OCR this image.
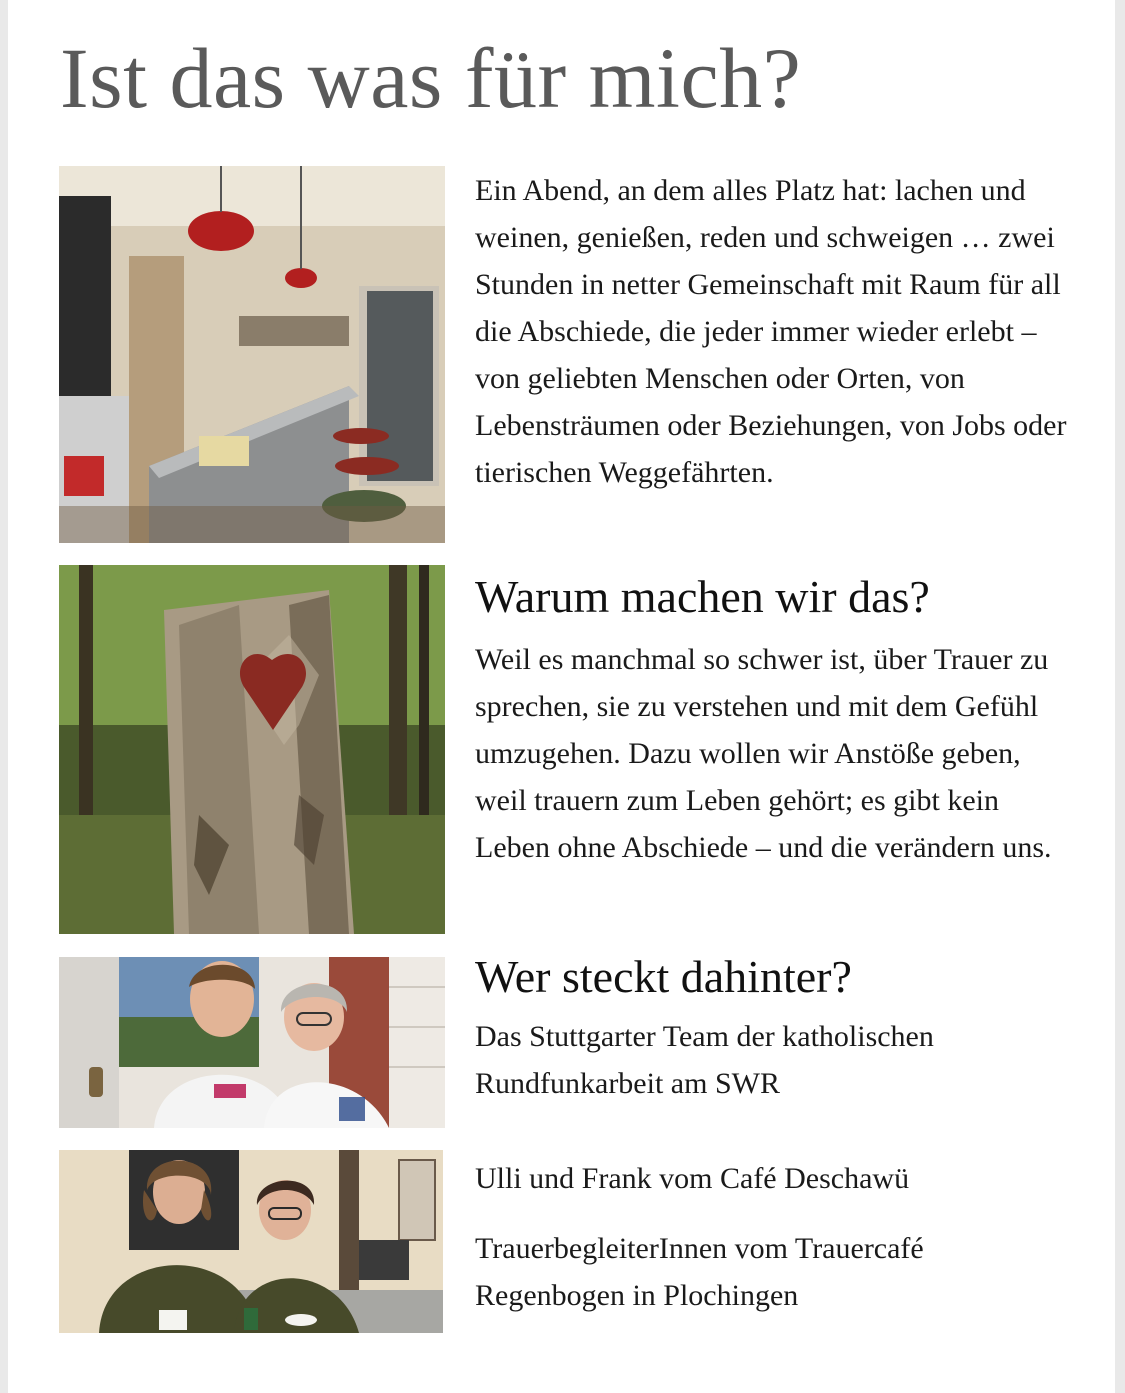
Ist das was für mich?

Ein Abend, an dem alles Platz hat: lachen und weinen, genießen, reden und schweigen … zwei Stunden in netter Gemeinschaft mit Raum für all die Abschiede, die jeder immer wieder erlebt – von geliebten Menschen oder Orten, von Lebensträumen oder Beziehungen, von Jobs oder tierischen Weggefährten.

Warum machen wir das?

Weil es manchmal so schwer ist, über Trauer zu sprechen, sie zu verstehen und mit dem Gefühl umzugehen. Dazu wollen wir Anstöße geben, weil trauern zum Leben gehört; es gibt kein Leben ohne Abschiede – und die verändern uns.

Wer steckt dahinter?

Das Stuttgarter Team der katholischen Rundfunkarbeit am SWR

Ulli und Frank vom Café Deschawü

TrauerbegleiterInnen vom Trauercafé Regenbogen in Plochingen
